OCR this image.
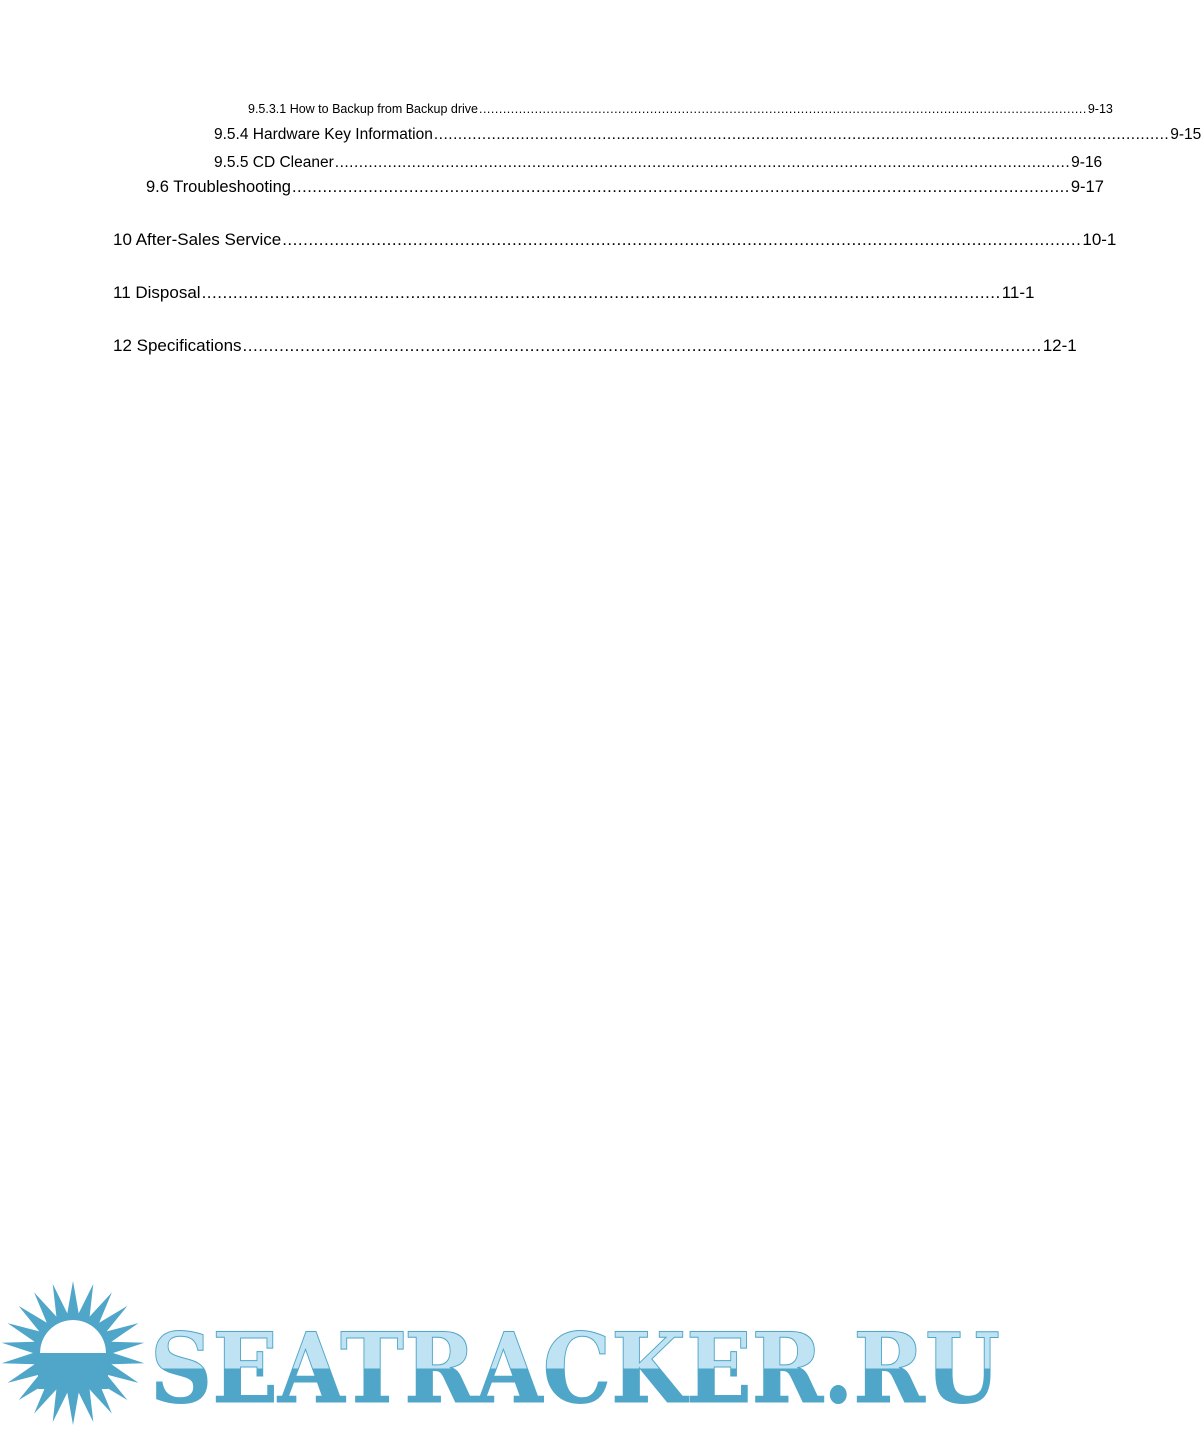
9.5.3.1 How to Backup from Backup drive ......................................................................................................................................................... 9-13
9.5.4 Hardware Key Information ......................................................................................................................................................... 9-15
9.5.5 CD Cleaner ......................................................................................................................................................... 9-16
9.6 Troubleshooting ......................................................................................................................................................... 9-17
10 After-Sales Service ......................................................................................................................................................... 10-1
11 Disposal ......................................................................................................................................................... 11-1
12 Specifications ......................................................................................................................................................... 12-1
SEATRACKER.RU
